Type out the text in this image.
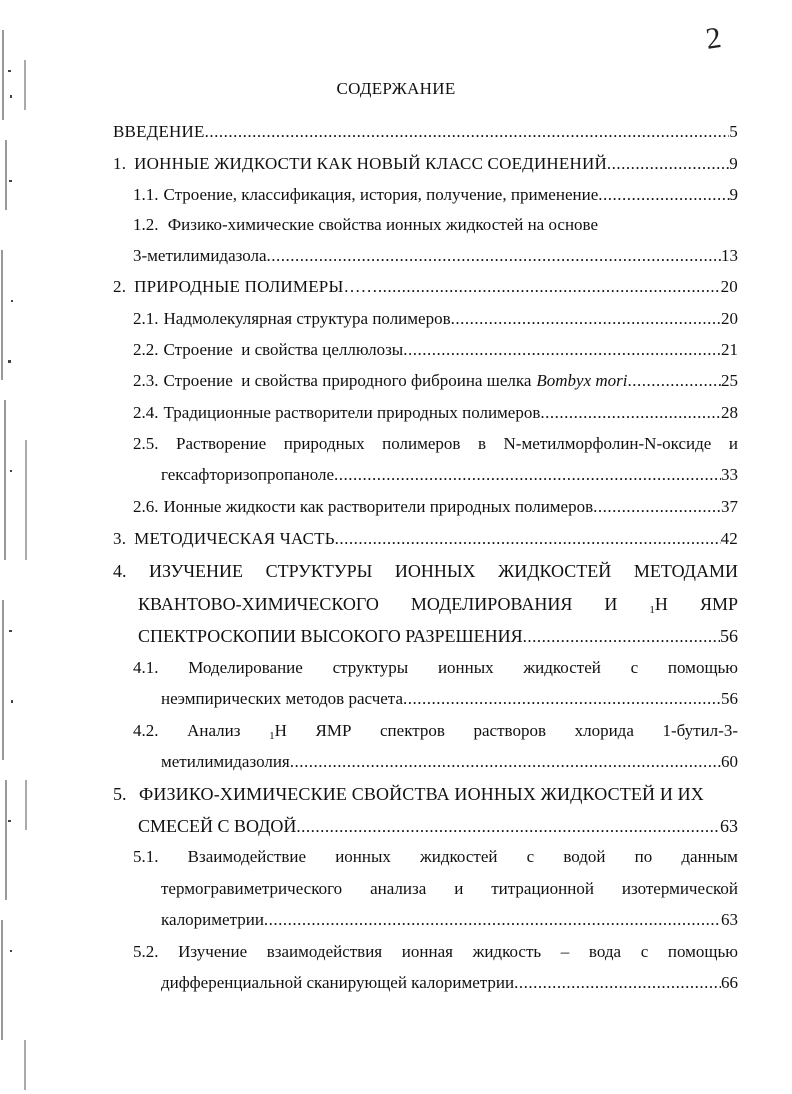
2
СОДЕРЖАНИЕ
ВВЕДЕНИЕ .....	5
1. ИОННЫЕ ЖИДКОСТИ КАК НОВЫЙ КЛАСС СОЕДИНЕНИЙ .....	9
1.1. Строение, классификация, история, получение, применение .....	9
1.2. Физико-химические свойства ионных жидкостей на основе
3-метилимидазола .....	13
2. ПРИРОДНЫЕ ПОЛИМЕРЫ…… .....	20
2.1. Надмолекулярная структура полимеров .....	20
2.2. Строение  и свойства целлюлозы .....	21
2.3. Строение  и свойства природного фиброина шелка Bombyx mori .....	25
2.4. Традиционные растворители природных полимеров .....	28
2.5. Растворение природных полимеров в N-метилморфолин-N-оксиде и
гексафторизопропаноле .....	33
2.6. Ионные жидкости как растворители природных полимеров .....	37
3. МЕТОДИЧЕСКАЯ ЧАСТЬ .....	42
4. ИЗУЧЕНИЕ СТРУКТУРЫ ИОННЫХ ЖИДКОСТЕЙ МЕТОДАМИ
КВАНТОВО-ХИМИЧЕСКОГО МОДЕЛИРОВАНИЯ И	$_1$Н ЯМР
СПЕКТРОСКОПИИ ВЫСОКОГО РАЗРЕШЕНИЯ .....	56
4.1. Моделирование структуры ионных жидкостей с помощью
неэмпирических методов расчета .....	56
4.2. Анализ	$_1$Н ЯМР спектров растворов хлорида 1-бутил-3-
метилимидазолия .....	60
5. ФИЗИКО-ХИМИЧЕСКИЕ СВОЙСТВА ИОННЫХ ЖИДКОСТЕЙ И ИХ
СМЕСЕЙ С ВОДОЙ .....	63
5.1. Взаимодействие ионных жидкостей с водой по данным
термогравиметрического анализа и титрационной изотермической
калориметрии .....	63
5.2. Изучение взаимодействия ионная жидкость – вода с помощью
дифференциальной сканирующей калориметрии .....	66
